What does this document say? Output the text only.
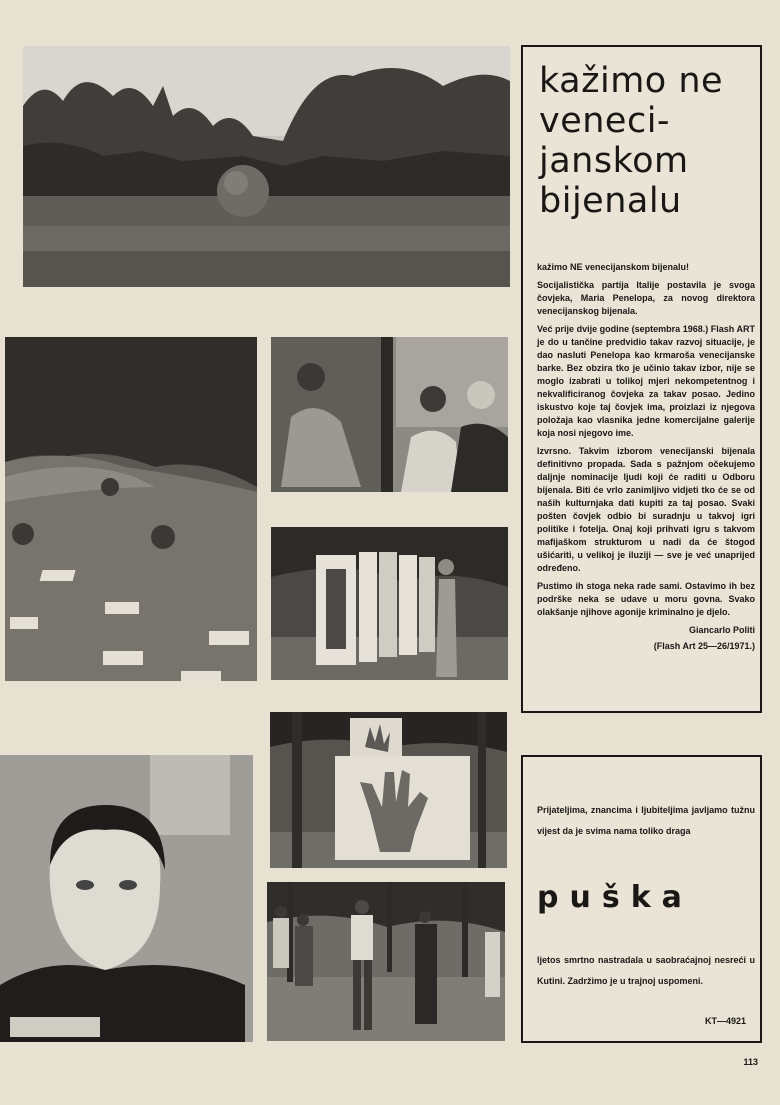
kažimo ne
veneci-
janskom
bijenalu

kažimo NE venecijanskom bijenalu!

Socijalistička partija Italije postavila je svoga čovjeka, Maria Penelopa, za novog direktora venecijanskog bijenala.

Već prije dvije godine (septembra 1968.) Flash ART je do u tančine predvidio takav razvoj situacije, je dao nasluti Penelopa kao krmaroša venecijanske barke. Bez obzira tko je učinio takav izbor, nije se moglo izabrati u tolikoj mjeri nekompetentnog i nekvalificiranog čovjeka za takav posao. Jedino iskustvo koje taj čovjek ima, proizlazi iz njegova položaja kao vlasnika jedne komercijalne galerije koja nosi njegovo ime.

Izvrsno. Takvim izborom venecijanski bijenala definitivno propada. Sada s pažnjom očekujemo daljnje nominacije ljudi koji će raditi u Odboru bijenala. Biti će vrlo zanimljivo vidjeti tko će se od naših kulturnjaka dati kupiti za taj posao. Svaki pošten čovjek odbio bi suradnju u takvoj igri politike i fotelja. Onaj koji prihvati igru s takvom mafijaškom strukturom u nadi da će štogod ušićariti, u velikoj je iluziji — sve je već unaprijed određeno.

Pustimo ih stoga neka rade sami. Ostavimo ih bez podrške neka se udave u moru govna. Svako olakšanje njihove agonije kriminalno je djelo.

Giancarlo Politi

(Flash Art 25—26/1971.)

Prijateljima, znancima i ljubiteljima javljamo tužnu vijest da je svima nama toliko draga

puška

ljetos smrtno nastradala u saobraćajnoj nesreći u Kutini. Zadržimo je u trajnoj uspomeni.

KT—4921
113
